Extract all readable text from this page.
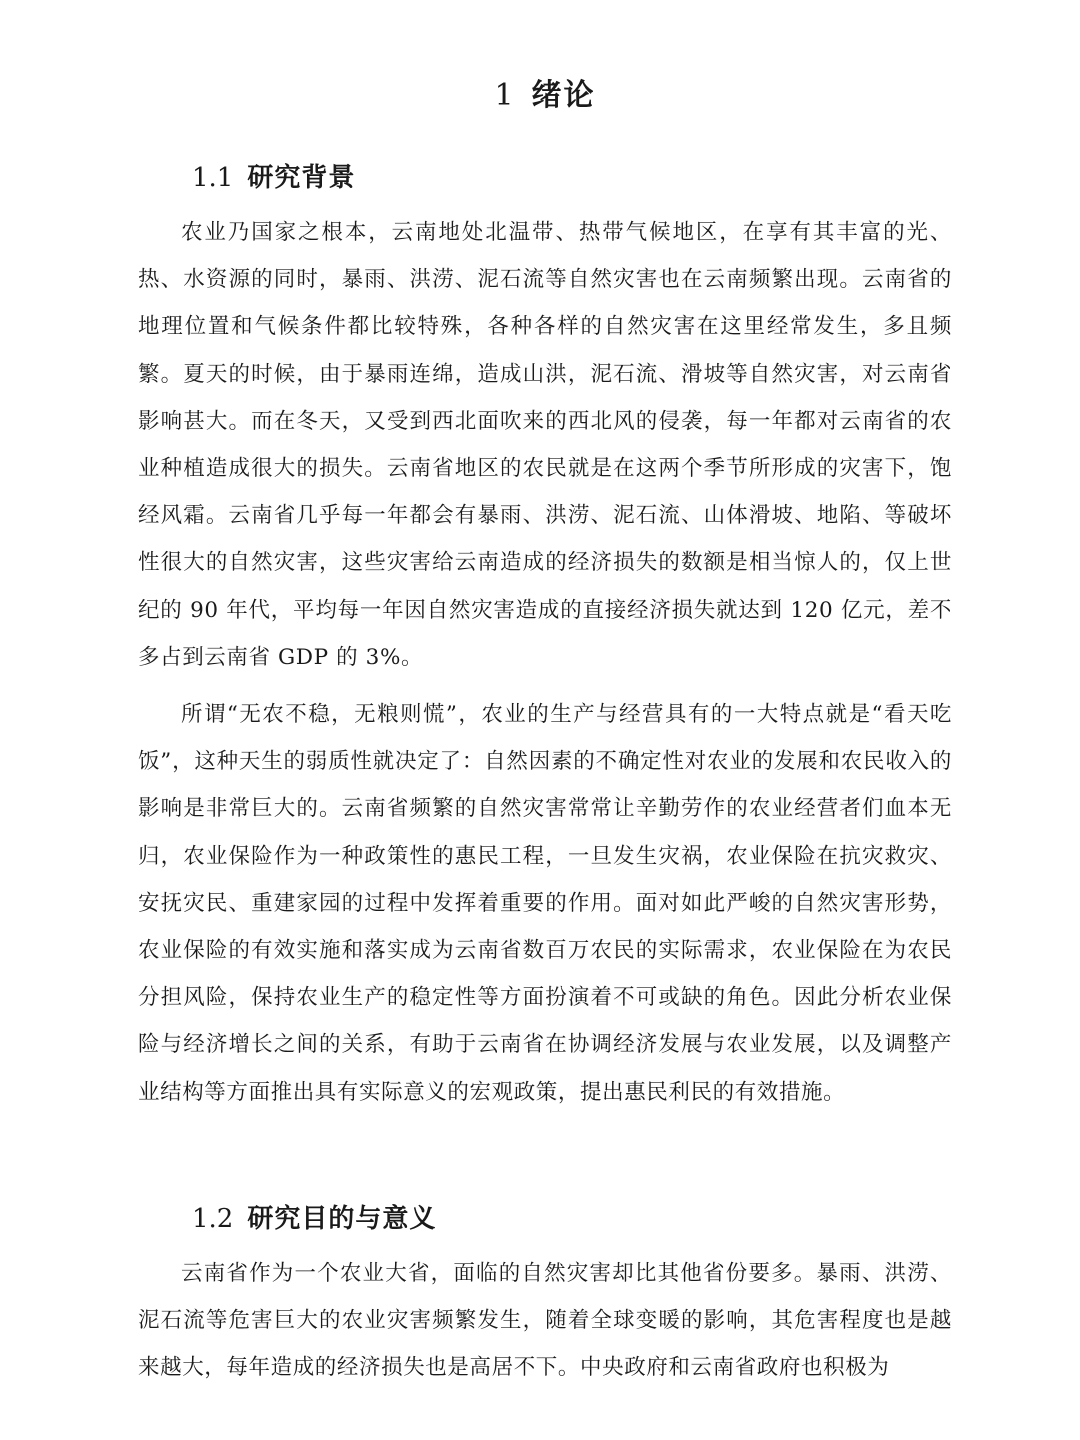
1 绪论
1.1 研究背景

农业乃国家之根本，云南地处北温带、热带气候地区，在享有其丰富的光、热、水资源的同时，暴雨、洪涝、泥石流等自然灾害也在云南频繁出现。云南省的地理位置和气候条件都比较特殊，各种各样的自然灾害在这里经常发生，多且频繁。夏天的时候，由于暴雨连绵，造成山洪，泥石流、滑坡等自然灾害，对云南省影响甚大。而在冬天，又受到西北面吹来的西北风的侵袭，每一年都对云南省的农业种植造成很大的损失。云南省地区的农民就是在这两个季节所形成的灾害下，饱经风霜。云南省几乎每一年都会有暴雨、洪涝、泥石流、山体滑坡、地陷、等破坏性很大的自然灾害，这些灾害给云南造成的经济损失的数额是相当惊人的，仅上世纪的 90 年代，平均每一年因自然灾害造成的直接经济损失就达到 120 亿元，差不多占到云南省 GDP 的 3%。

所谓“无农不稳，无粮则慌”，农业的生产与经营具有的一大特点就是“看天吃饭”，这种天生的弱质性就决定了：自然因素的不确定性对农业的发展和农民收入的影响是非常巨大的。云南省频繁的自然灾害常常让辛勤劳作的农业经营者们血本无归，农业保险作为一种政策性的惠民工程，一旦发生灾祸，农业保险在抗灾救灾、安抚灾民、重建家园的过程中发挥着重要的作用。面对如此严峻的自然灾害形势，农业保险的有效实施和落实成为云南省数百万农民的实际需求，农业保险在为农民分担风险，保持农业生产的稳定性等方面扮演着不可或缺的角色。因此分析农业保险与经济增长之间的关系，有助于云南省在协调经济发展与农业发展，以及调整产业结构等方面推出具有实际意义的宏观政策，提出惠民利民的有效措施。

1.2 研究目的与意义

云南省作为一个农业大省，面临的自然灾害却比其他省份要多。暴雨、洪涝、泥石流等危害巨大的农业灾害频繁发生，随着全球变暖的影响，其危害程度也是越来越大，每年造成的经济损失也是高居不下。中央政府和云南省政府也积极为
